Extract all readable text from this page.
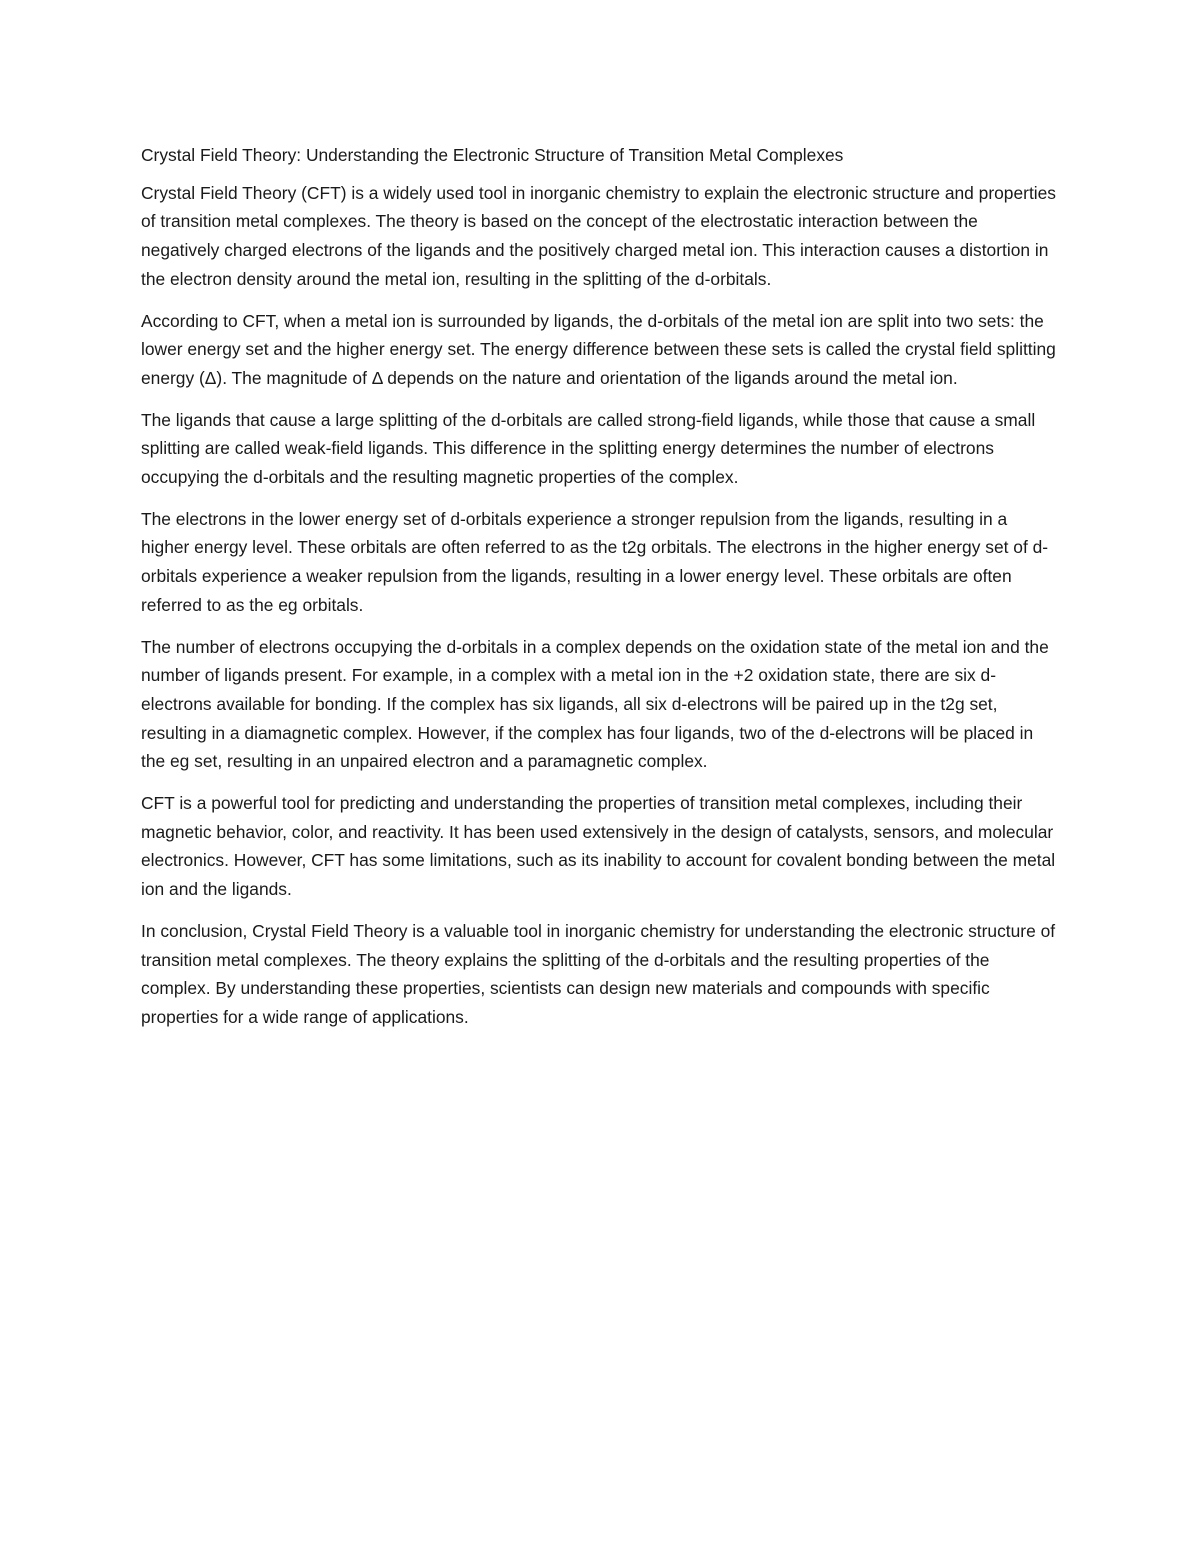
Crystal Field Theory: Understanding the Electronic Structure of Transition Metal Complexes

Crystal Field Theory (CFT) is a widely used tool in inorganic chemistry to explain the electronic structure and properties of transition metal complexes. The theory is based on the concept of the electrostatic interaction between the negatively charged electrons of the ligands and the positively charged metal ion. This interaction causes a distortion in the electron density around the metal ion, resulting in the splitting of the d-orbitals.

According to CFT, when a metal ion is surrounded by ligands, the d-orbitals of the metal ion are split into two sets: the lower energy set and the higher energy set. The energy difference between these sets is called the crystal field splitting energy (Δ). The magnitude of Δ depends on the nature and orientation of the ligands around the metal ion.

The ligands that cause a large splitting of the d-orbitals are called strong-field ligands, while those that cause a small splitting are called weak-field ligands. This difference in the splitting energy determines the number of electrons occupying the d-orbitals and the resulting magnetic properties of the complex.

The electrons in the lower energy set of d-orbitals experience a stronger repulsion from the ligands, resulting in a higher energy level. These orbitals are often referred to as the t2g orbitals. The electrons in the higher energy set of d-orbitals experience a weaker repulsion from the ligands, resulting in a lower energy level. These orbitals are often referred to as the eg orbitals.

The number of electrons occupying the d-orbitals in a complex depends on the oxidation state of the metal ion and the number of ligands present. For example, in a complex with a metal ion in the +2 oxidation state, there are six d-electrons available for bonding. If the complex has six ligands, all six d-electrons will be paired up in the t2g set, resulting in a diamagnetic complex. However, if the complex has four ligands, two of the d-electrons will be placed in the eg set, resulting in an unpaired electron and a paramagnetic complex.

CFT is a powerful tool for predicting and understanding the properties of transition metal complexes, including their magnetic behavior, color, and reactivity. It has been used extensively in the design of catalysts, sensors, and molecular electronics. However, CFT has some limitations, such as its inability to account for covalent bonding between the metal ion and the ligands.

In conclusion, Crystal Field Theory is a valuable tool in inorganic chemistry for understanding the electronic structure of transition metal complexes. The theory explains the splitting of the d-orbitals and the resulting properties of the complex. By understanding these properties, scientists can design new materials and compounds with specific properties for a wide range of applications.
